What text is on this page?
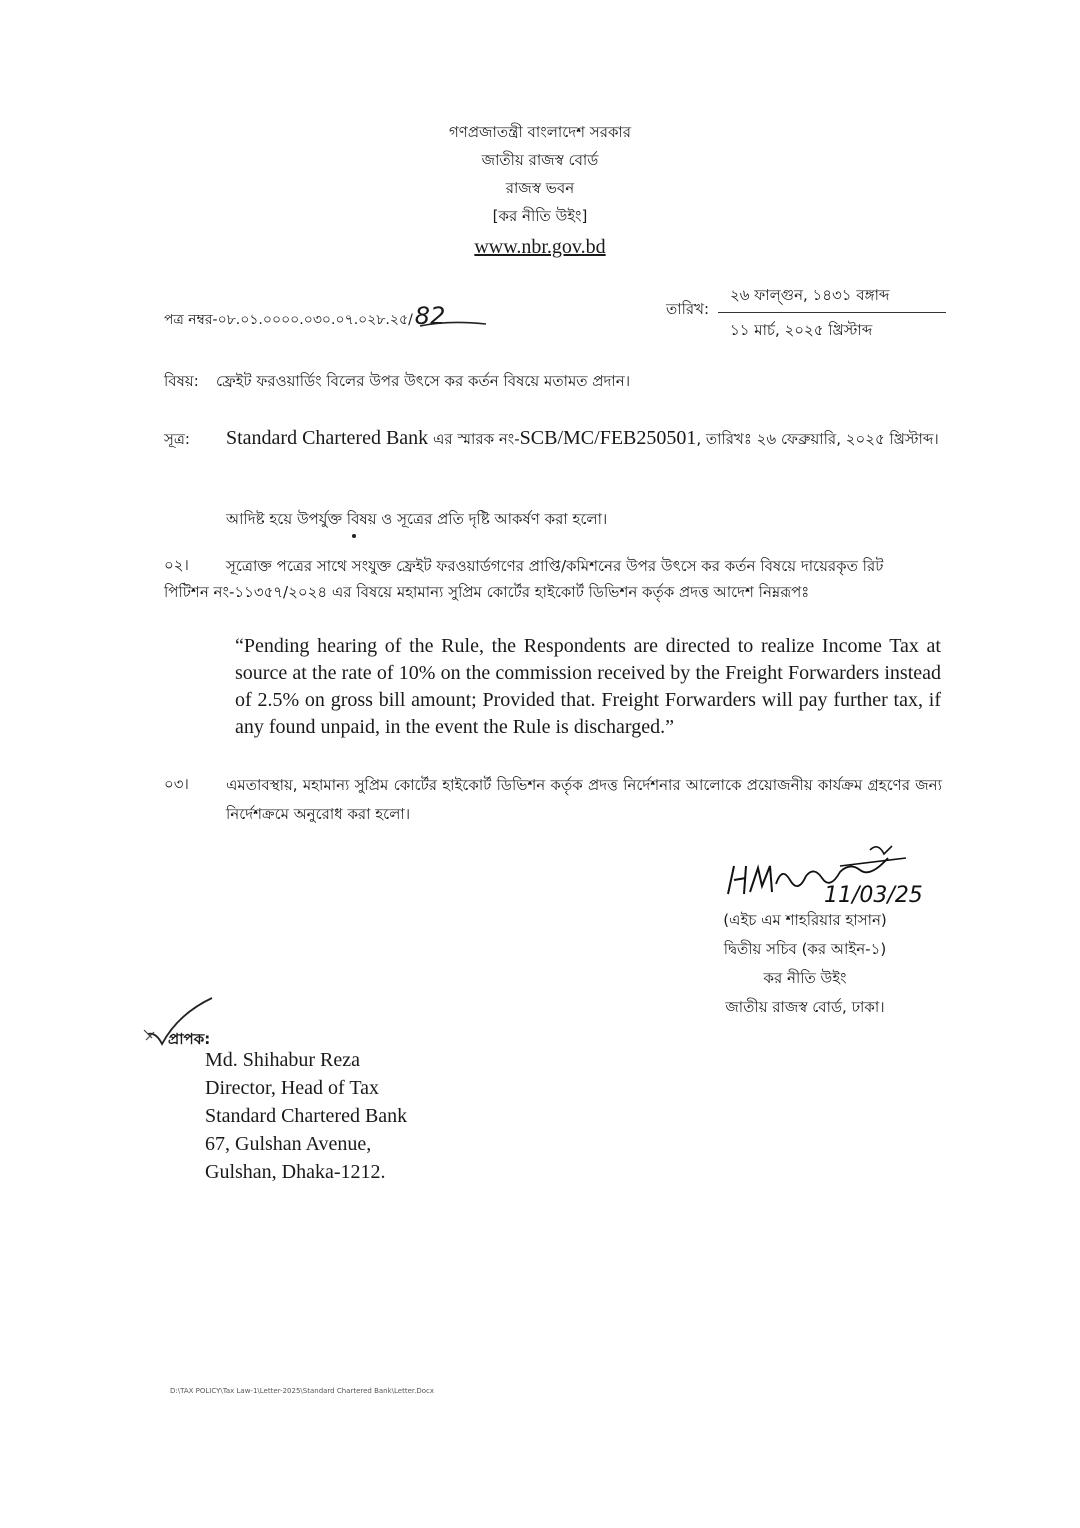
গণপ্রজাতন্ত্রী বাংলাদেশ সরকার
জাতীয় রাজস্ব বোর্ড
রাজস্ব ভবন
[কর নীতি উইং]
www.nbr.gov.bd
পত্র নম্বর-০৮.০১.০০০০.০৩০.০৭.০২৮.২৫/82	তারিখ:
২৬ ফাল্গুন, ১৪৩১ বঙ্গাব্দ
১১ মার্চ, ২০২৫ খ্রিস্টাব্দ
বিষয়: ফ্রেইট ফরওয়ার্ডিং বিলের উপর উৎসে কর কর্তন বিষয়ে মতামত প্রদান।
সূত্র: Standard Chartered Bank এর স্মারক নং-SCB/MC/FEB250501, তারিখঃ ২৬ ফেব্রুয়ারি, ২০২৫ খ্রিস্টাব্দ।
আদিষ্ট হয়ে উপর্যুক্ত বিষয় ও সূত্রের প্রতি দৃষ্টি আকর্ষণ করা হলো।
০২। সূত্রোক্ত পত্রের সাথে সংযুক্ত ফ্রেইট ফরওয়ার্ডগণের প্রাপ্তি/কমিশনের উপর উৎসে কর কর্তন বিষয়ে দায়েরকৃত রিট
পিটিশন নং-১১৩৫৭/২০২৪ এর বিষয়ে মহামান্য সুপ্রিম কোর্টের হাইকোর্ট ডিভিশন কর্তৃক প্রদত্ত আদেশ নিম্নরূপঃ
“Pending hearing of the Rule, the Respondents are directed to realize Income Tax at source at the rate of 10% on the commission received by the Freight Forwarders instead of 2.5% on gross bill amount; Provided that. Freight Forwarders will pay further tax, if any found unpaid, in the event the Rule is discharged.”
০৩। এমতাবস্থায়, মহামান্য সুপ্রিম কোর্টের হাইকোর্ট ডিভিশন কর্তৃক প্রদত্ত নির্দেশনার আলোকে প্রয়োজনীয় কার্যক্রম গ্রহণের জন্য নির্দেশক্রমে অনুরোধ করা হলো।
11/03/25
(এইচ এম শাহরিয়ার হাসান)
দ্বিতীয় সচিব (কর আইন-১)
কর নীতি উইং
জাতীয় রাজস্ব বোর্ড, ঢাকা।
প্রাপক:
Md. Shihabur Reza
Director, Head of Tax
Standard Chartered Bank
67, Gulshan Avenue,
Gulshan, Dhaka-1212.
D:\TAX POLICY\Tax Law-1\Letter-2025\Standard Chartered Bank\Letter.Docx
